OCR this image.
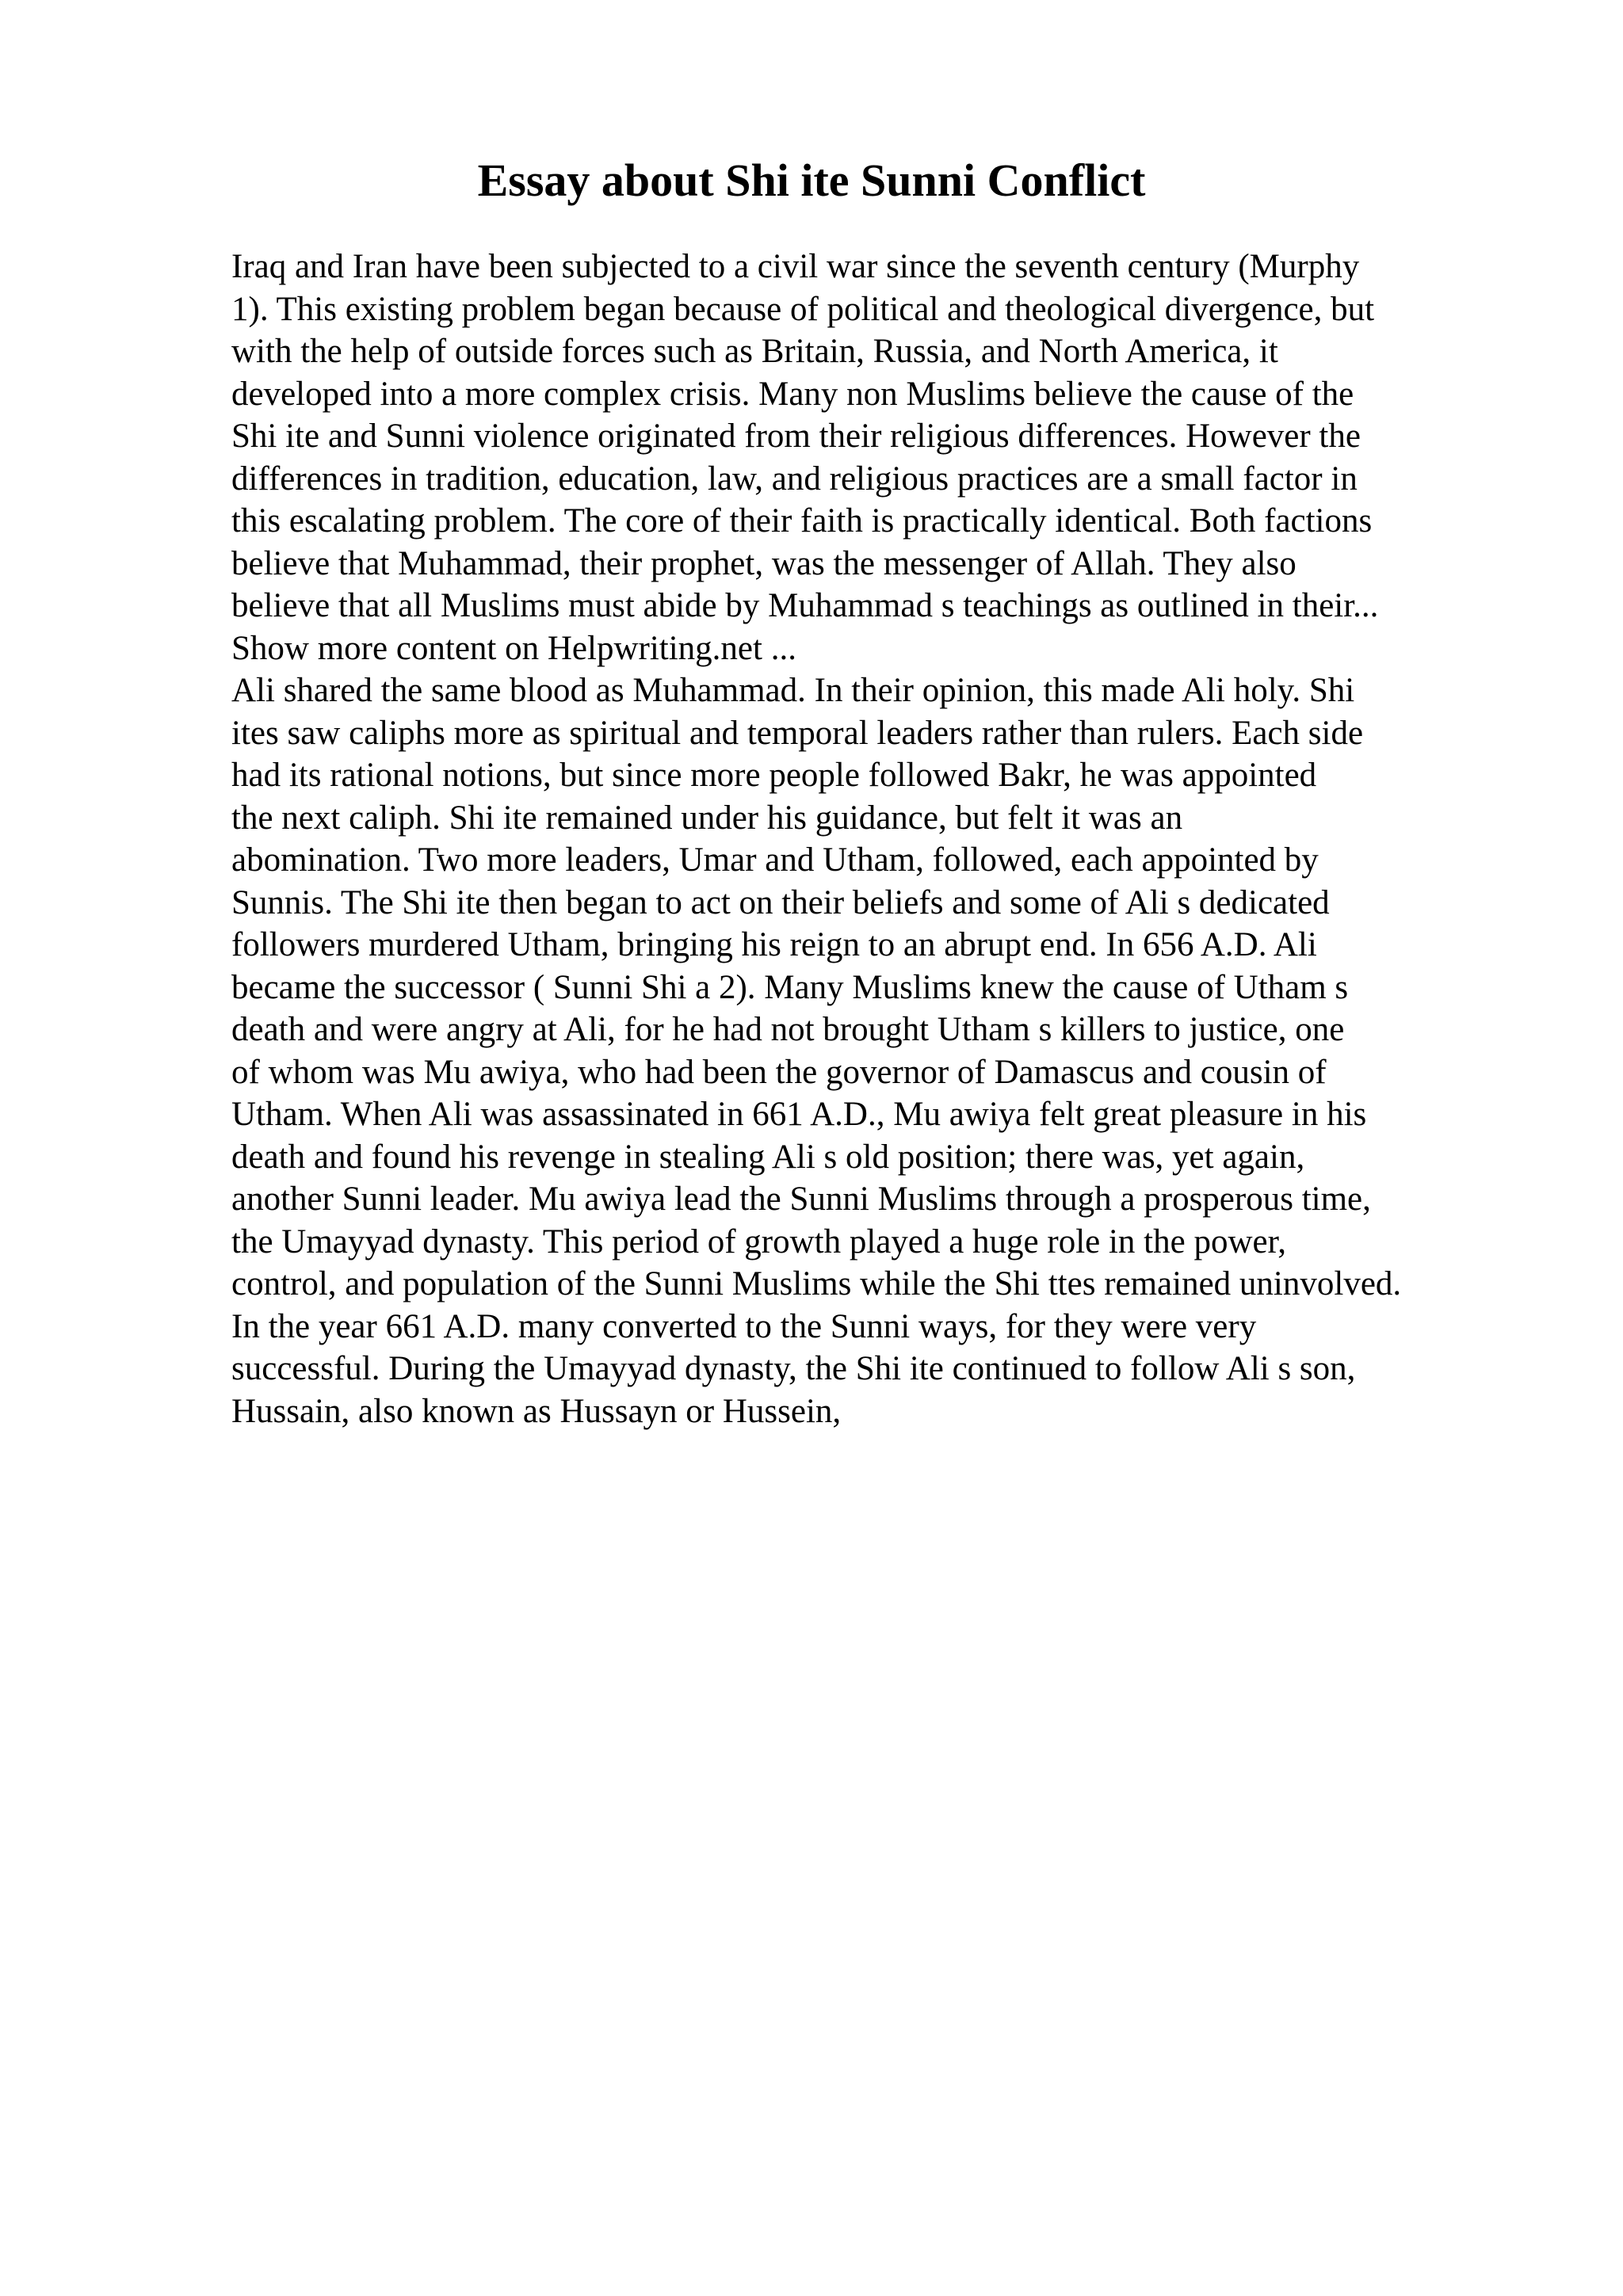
Essay about Shi ite Sunni Conflict
Iraq and Iran have been subjected to a civil war since the seventh century (Murphy
1). This existing problem began because of political and theological divergence, but
with the help of outside forces such as Britain, Russia, and North America, it
developed into a more complex crisis. Many non Muslims believe the cause of the
Shi ite and Sunni violence originated from their religious differences. However the
differences in tradition, education, law, and religious practices are a small factor in
this escalating problem. The core of their faith is practically identical. Both factions
believe that Muhammad, their prophet, was the messenger of Allah. They also
believe that all Muslims must abide by Muhammad s teachings as outlined in their...
Show more content on Helpwriting.net ...
Ali shared the same blood as Muhammad. In their opinion, this made Ali holy. Shi
ites saw caliphs more as spiritual and temporal leaders rather than rulers. Each side
had its rational notions, but since more people followed Bakr, he was appointed
the next caliph. Shi ite remained under his guidance, but felt it was an
abomination. Two more leaders, Umar and Utham, followed, each appointed by
Sunnis. The Shi ite then began to act on their beliefs and some of Ali s dedicated
followers murdered Utham, bringing his reign to an abrupt end. In 656 A.D. Ali
became the successor ( Sunni Shi a 2). Many Muslims knew the cause of Utham s
death and were angry at Ali, for he had not brought Utham s killers to justice, one
of whom was Mu awiya, who had been the governor of Damascus and cousin of
Utham. When Ali was assassinated in 661 A.D., Mu awiya felt great pleasure in his
death and found his revenge in stealing Ali s old position; there was, yet again,
another Sunni leader. Mu awiya lead the Sunni Muslims through a prosperous time,
the Umayyad dynasty. This period of growth played a huge role in the power,
control, and population of the Sunni Muslims while the Shi ttes remained uninvolved.
In the year 661 A.D. many converted to the Sunni ways, for they were very
successful. During the Umayyad dynasty, the Shi ite continued to follow Ali s son,
Hussain, also known as Hussayn or Hussein,
